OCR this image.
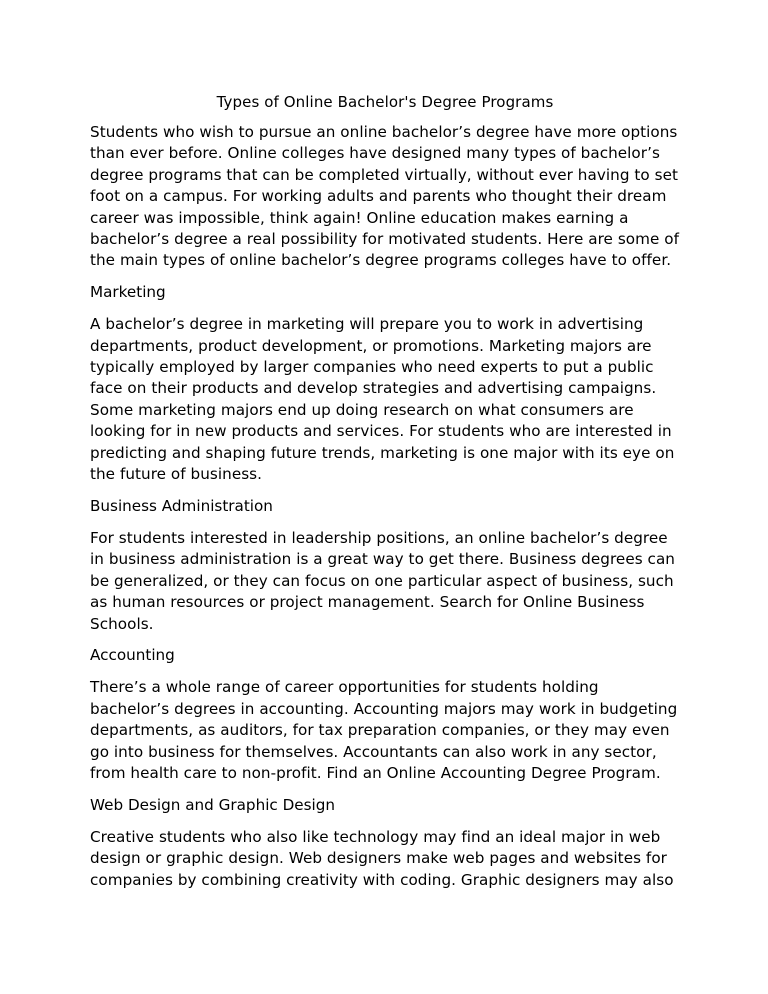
Types of Online Bachelor's Degree Programs

Students who wish to pursue an online bachelor’s degree have more options than ever before. Online colleges have designed many types of bachelor’s degree programs that can be completed virtually, without ever having to set foot on a campus. For working adults and parents who thought their dream career was impossible, think again! Online education makes earning a bachelor’s degree a real possibility for motivated students. Here are some of the main types of online bachelor’s degree programs colleges have to offer.

Marketing

A bachelor’s degree in marketing will prepare you to work in advertising departments, product development, or promotions. Marketing majors are typically employed by larger companies who need experts to put a public face on their products and develop strategies and advertising campaigns. Some marketing majors end up doing research on what consumers are looking for in new products and services. For students who are interested in predicting and shaping future trends, marketing is one major with its eye on the future of business.

Business Administration

For students interested in leadership positions, an online bachelor’s degree in business administration is a great way to get there. Business degrees can be generalized, or they can focus on one particular aspect of business, such as human resources or project management. Search for Online Business Schools.

Accounting

There’s a whole range of career opportunities for students holding bachelor’s degrees in accounting. Accounting majors may work in budgeting departments, as auditors, for tax preparation companies, or they may even go into business for themselves. Accountants can also work in any sector, from health care to non-profit. Find an Online Accounting Degree Program.

Web Design and Graphic Design

Creative students who also like technology may find an ideal major in web design or graphic design. Web designers make web pages and websites for companies by combining creativity with coding. Graphic designers may also
